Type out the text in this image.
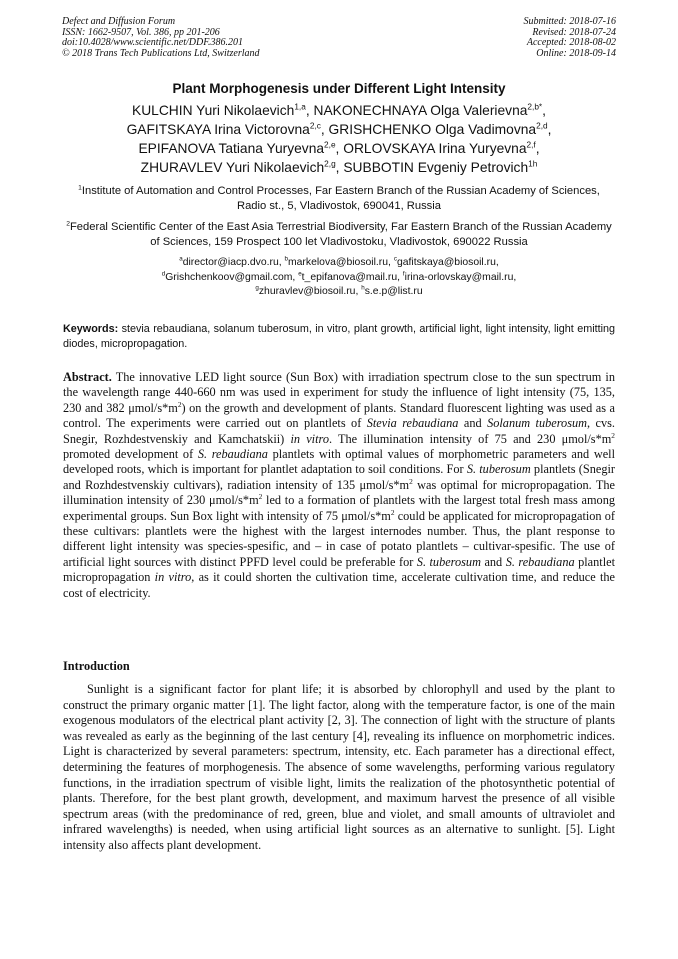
Defect and Diffusion Forum
ISSN: 1662-9507, Vol. 386, pp 201-206
doi:10.4028/www.scientific.net/DDF.386.201
© 2018 Trans Tech Publications Ltd, Switzerland
Submitted: 2018-07-16
Revised: 2018-07-24
Accepted: 2018-08-02
Online: 2018-09-14
Plant Morphogenesis under Different Light Intensity
KULCHIN Yuri Nikolaevich$^{1,a}$, NAKONECHNAYA Olga Valerievna$^{2,b*}$,
GAFITSKAYA Irina Victorovna$^{2,c}$, GRISHCHENKO Olga Vadimovna$^{2,d}$,
EPIFANOVA Tatiana Yuryevna$^{2,e}$, ORLOVSKAYA Irina Yuryevna$^{2,f}$,
ZHURAVLEV Yuri Nikolaevich$^{2,g}$, SUBBOTIN Evgeniy Petrovich$^{1h}$
$^1$Institute of Automation and Control Processes, Far Eastern Branch of the Russian Academy of Sciences, Radio st., 5, Vladivostok, 690041, Russia
$^2$Federal Scientific Center of the East Asia Terrestrial Biodiversity, Far Eastern Branch of the Russian Academy of Sciences, 159 Prospect 100 let Vladivostoku, Vladivostok, 690022 Russia
$^a$director@iacp.dvo.ru, $^b$markelova@biosoil.ru, $^c$gafitskaya@biosoil.ru,
$^d$Grishchenkoov@gmail.com, $^e$t_epifanova@mail.ru, $^f$irina-orlovskay@mail.ru,
$^g$zhuravlev@biosoil.ru, $^h$s.e.p@list.ru
Keywords: stevia rebaudiana, solanum tuberosum, in vitro, plant growth, artificial light, light intensity, light emitting diodes, micropropagation.
Abstract. The innovative LED light source (Sun Box) with irradiation spectrum close to the sun spectrum in the wavelength range 440-660 nm was used in experiment for study the influence of light intensity (75, 135, 230 and 382 μmol/$s*m^2$) on the growth and development of plants. Standard fluorescent lighting was used as a control. The experiments were carried out on plantlets of Stevia rebaudiana and Solanum tuberosum, cvs. Snegir, Rozhdestvenskiy and Kamchatskii) in vitro. The illumination intensity of 75 and 230 μmol/$s*m^2$ promoted development of S. rebaudiana plantlets with optimal values of morphometric parameters and well developed roots, which is important for plantlet adaptation to soil conditions. For S. tuberosum plantlets (Snegir and Rozhdestvenskiy cultivars), radiation intensity of 135 μmol/$s*m^2$ was optimal for micropropagation. The illumination intensity of 230 μmol/$s*m^2$ led to a formation of plantlets with the largest total fresh mass among experimental groups. Sun Box light with intensity of 75 μmol/$s*m^2$ could be applicated for micropropagation of these cultivars: plantlets were the highest with the largest internodes number. Thus, the plant response to different light intensity was species-spesific, and – in case of potato plantlets – cultivar-spesific. The use of artificial light sources with distinct PPFD level could be preferable for S. tuberosum and S. rebaudiana plantlet micropropagation in vitro, as it could shorten the cultivation time, accelerate cultivation time, and reduce the cost of electricity.
Introduction
Sunlight is a significant factor for plant life; it is absorbed by chlorophyll and used by the plant to construct the primary organic matter [1]. The light factor, along with the temperature factor, is one of the main exogenous modulators of the electrical plant activity [2, 3]. The connection of light with the structure of plants was revealed as early as the beginning of the last century [4], revealing its influence on morphometric indices. Light is characterized by several parameters: spectrum, intensity, etc. Each parameter has a directional effect, determining the features of morphogenesis. The absence of some wavelengths, performing various regulatory functions, in the irradiation spectrum of visible light, limits the realization of the photosynthetic potential of plants. Therefore, for the best plant growth, development, and maximum harvest the presence of all visible spectrum areas (with the predominance of red, green, blue and violet, and small amounts of ultraviolet and infrared wavelengths) is needed, when using artificial light sources as an alternative to sunlight. [5]. Light intensity also affects plant development.
